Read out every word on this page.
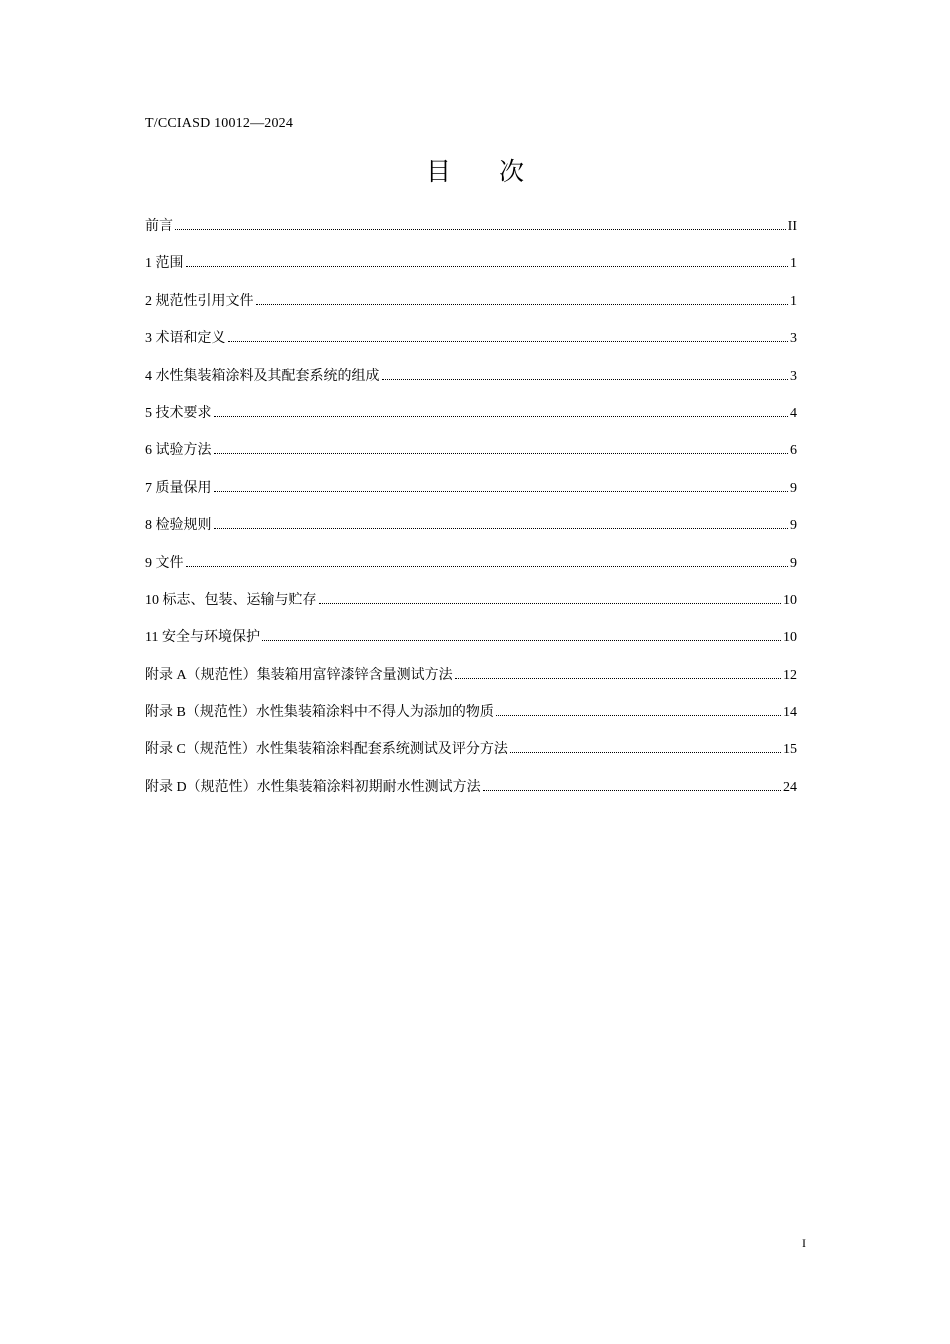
T/CCIASD 10012—2024
目 次
前言	II
1 范围	1
2 规范性引用文件	1
3 术语和定义	3
4 水性集装箱涂料及其配套系统的组成	3
5 技术要求	4
6 试验方法	6
7 质量保用	9
8 检验规则	9
9 文件	9
10 标志、包装、运输与贮存	10
11 安全与环境保护	10
附录 A（规范性）集装箱用富锌漆锌含量测试方法	12
附录 B（规范性）水性集装箱涂料中不得人为添加的物质	14
附录 C（规范性）水性集装箱涂料配套系统测试及评分方法	15
附录 D（规范性）水性集装箱涂料初期耐水性测试方法	24
I
